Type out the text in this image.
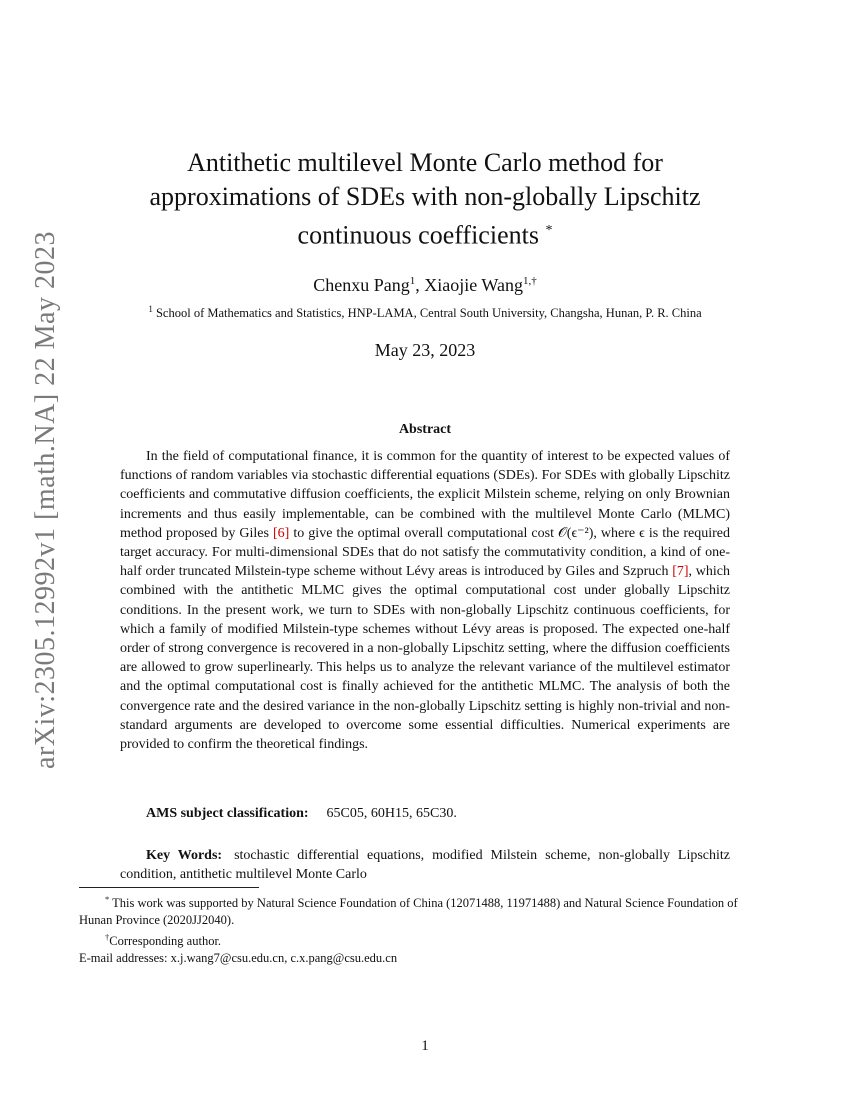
arXiv:2305.12992v1 [math.NA] 22 May 2023
Antithetic multilevel Monte Carlo method for approximations of SDEs with non-globally Lipschitz continuous coefficients *
Chenxu Pang$^1$, Xiaojie Wang$^{1,\dagger}$
$^1$ School of Mathematics and Statistics, HNP-LAMA, Central South University, Changsha, Hunan, P. R. China
May 23, 2023
Abstract

In the field of computational finance, it is common for the quantity of interest to be expected values of functions of random variables via stochastic differential equations (SDEs). For SDEs with globally Lipschitz coefficients and commutative diffusion coefficients, the explicit Milstein scheme, relying on only Brownian increments and thus easily implementable, can be combined with the multilevel Monte Carlo (MLMC) method proposed by Giles [6] to give the optimal overall computational cost 𝒪(ϵ⁻²), where ϵ is the required target accuracy. For multi-dimensional SDEs that do not satisfy the commutativity condition, a kind of one-half order truncated Milstein-type scheme without Lévy areas is introduced by Giles and Szpruch [7], which combined with the antithetic MLMC gives the optimal computational cost under globally Lipschitz conditions. In the present work, we turn to SDEs with non-globally Lipschitz continuous coefficients, for which a family of modified Milstein-type schemes without Lévy areas is proposed. The expected one-half order of strong convergence is recovered in a non-globally Lipschitz setting, where the diffusion coefficients are allowed to grow superlinearly. This helps us to analyze the relevant variance of the multilevel estimator and the optimal computational cost is finally achieved for the antithetic MLMC. The analysis of both the convergence rate and the desired variance in the non-globally Lipschitz setting is highly non-trivial and non-standard arguments are developed to overcome some essential difficulties. Numerical experiments are provided to confirm the theoretical findings.

AMS subject classification: 65C05, 60H15, 65C30.

Key Words: stochastic differential equations, modified Milstein scheme, non-globally Lipschitz condition, antithetic multilevel Monte Carlo

* This work was supported by Natural Science Foundation of China (12071488, 11971488) and Natural Science Foundation of Hunan Province (2020JJ2040).

†Corresponding author.

E-mail addresses: x.j.wang7@csu.edu.cn, c.x.pang@csu.edu.cn

1
